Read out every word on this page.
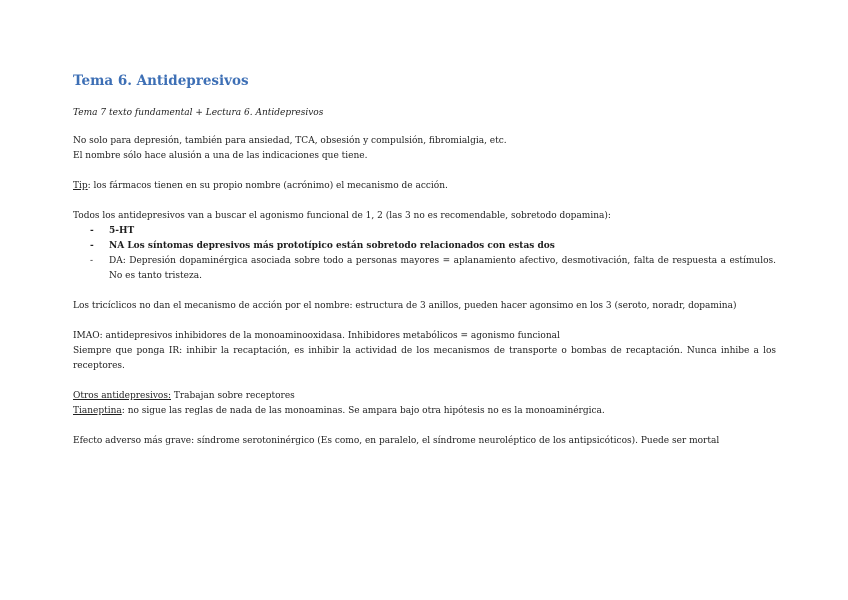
Tema 6. Antidepresivos
Tema 7 texto fundamental + Lectura 6. Antidepresivos

No solo para depresión, también para ansiedad, TCA, obsesión y compulsión, fibromialgia, etc.

El nombre sólo hace alusión a una de las indicaciones que tiene.

Tip: los fármacos tienen en su propio nombre (acrónimo) el mecanismo de acción.

Todos los antidepresivos van a buscar el agonismo funcional de 1, 2 (las 3 no es recomendable, sobretodo dopamina):

- 5-HT
- NA Los síntomas depresivos más prototípico están sobretodo relacionados con estas dos
- DA: Depresión dopaminérgica asociada sobre todo a personas mayores = aplanamiento afectivo, desmotivación, falta de respuesta a estímulos. No es tanto tristeza.

Los tricíclicos no dan el mecanismo de acción por el nombre: estructura de 3 anillos, pueden hacer agonsimo en los 3 (seroto, noradr, dopamina)

IMAO: antidepresivos inhibidores de la monoaminooxidasa. Inhibidores metabólicos = agonismo funcional

Siempre que ponga IR: inhibir la recaptación, es inhibir la actividad de los mecanismos de transporte o bombas de recaptación. Nunca inhibe a los receptores.

Otros antidepresivos: Trabajan sobre receptores

Tianeptina: no sigue las reglas de nada de las monoaminas. Se ampara bajo otra hipótesis no es la monoaminérgica.

Efecto adverso más grave: síndrome serotoninérgico (Es como, en paralelo, el síndrome neuroléptico de los antipsicóticos). Puede ser mortal
